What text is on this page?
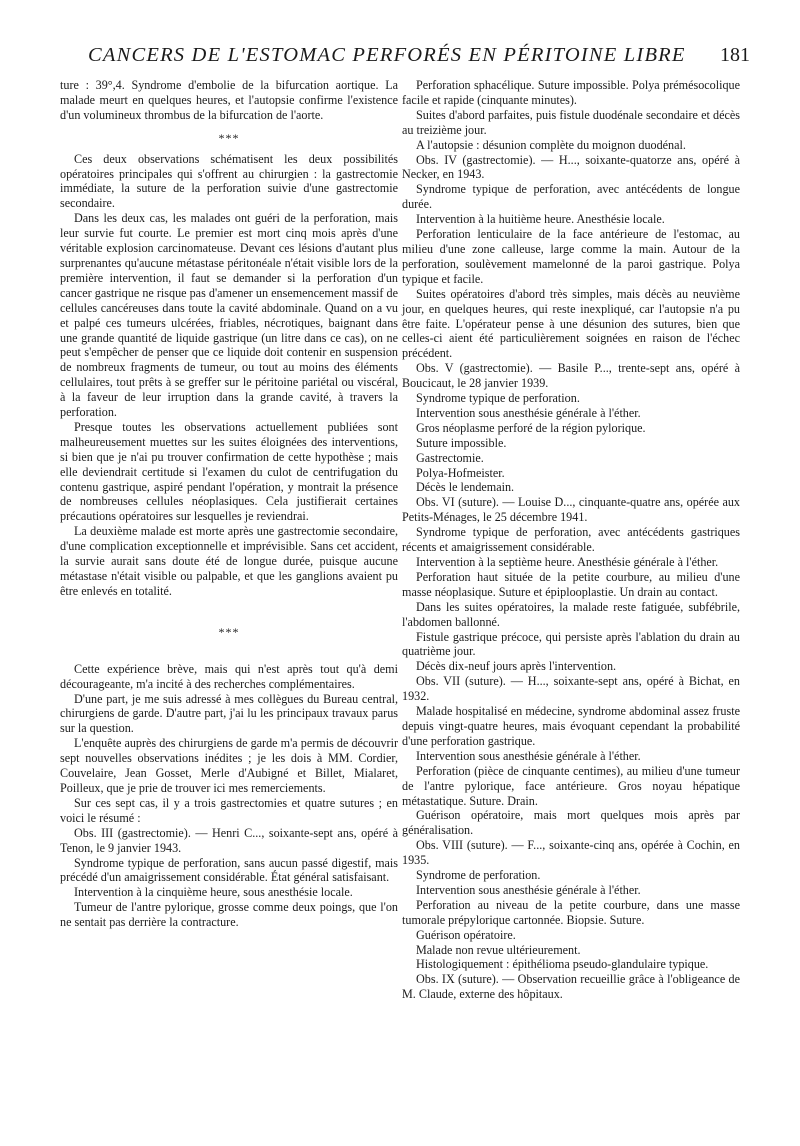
CANCERS DE L'ESTOMAC PERFORÉS EN PÉRITOINE LIBRE 181

ture : 39°,4. Syndrome d'embolie de la bifurcation aortique. La malade meurt en quelques heures, et l'autopsie confirme l'existence d'un volumineux thrombus de la bifurcation de l'aorte.

***

Ces deux observations schématisent les deux possibilités opératoires principales qui s'offrent au chirurgien : la gastrectomie immédiate, la suture de la perforation suivie d'une gastrectomie secondaire.

Dans les deux cas, les malades ont guéri de la perforation, mais leur survie fut courte. Le premier est mort cinq mois après d'une véritable explosion carcinomateuse. Devant ces lésions d'autant plus surprenantes qu'aucune métastase péritonéale n'était visible lors de la première intervention, il faut se demander si la perforation d'un cancer gastrique ne risque pas d'amener un ensemencement massif de cellules cancéreuses dans toute la cavité abdominale. Quand on a vu et palpé ces tumeurs ulcérées, friables, nécrotiques, baignant dans une grande quantité de liquide gastrique (un litre dans ce cas), on ne peut s'empêcher de penser que ce liquide doit contenir en suspension de nombreux fragments de tumeur, ou tout au moins des éléments cellulaires, tout prêts à se greffer sur le péritoine pariétal ou viscéral, à la faveur de leur irruption dans la grande cavité, à travers la perforation.

Presque toutes les observations actuellement publiées sont malheureusement muettes sur les suites éloignées des interventions, si bien que je n'ai pu trouver confirmation de cette hypothèse ; mais elle deviendrait certitude si l'examen du culot de centrifugation du contenu gastrique, aspiré pendant l'opération, y montrait la présence de nombreuses cellules néoplasiques. Cela justifierait certaines précautions opératoires sur lesquelles je reviendrai.

La deuxième malade est morte après une gastrectomie secondaire, d'une complication exceptionnelle et imprévisible. Sans cet accident, la survie aurait sans doute été de longue durée, puisque aucune métastase n'était visible ou palpable, et que les ganglions avaient pu être enlevés en totalité.

***

Cette expérience brève, mais qui n'est après tout qu'à demi décourageante, m'a incité à des recherches complémentaires.

D'une part, je me suis adressé à mes collègues du Bureau central, chirurgiens de garde. D'autre part, j'ai lu les principaux travaux parus sur la question.

L'enquête auprès des chirurgiens de garde m'a permis de découvrir sept nouvelles observations inédites ; je les dois à MM. Cordier, Couvelaire, Jean Gosset, Merle d'Aubigné et Billet, Mialaret, Poilleux, que je prie de trouver ici mes remerciements.

Sur ces sept cas, il y a trois gastrectomies et quatre sutures ; en voici le résumé :

Obs. III (gastrectomie). — Henri C..., soixante-sept ans, opéré à Tenon, le 9 janvier 1943.

Syndrome typique de perforation, sans aucun passé digestif, mais précédé d'un amaigrissement considérable. État général satisfaisant.

Intervention à la cinquième heure, sous anesthésie locale.

Tumeur de l'antre pylorique, grosse comme deux poings, que l'on ne sentait pas derrière la contracture.

Perforation sphacélique. Suture impossible. Polya prémésocolique facile et rapide (cinquante minutes).

Suites d'abord parfaites, puis fistule duodénale secondaire et décès au treizième jour.

A l'autopsie : désunion complète du moignon duodénal.

Obs. IV (gastrectomie). — H..., soixante-quatorze ans, opéré à Necker, en 1943.

Syndrome typique de perforation, avec antécédents de longue durée.

Intervention à la huitième heure. Anesthésie locale.

Perforation lenticulaire de la face antérieure de l'estomac, au milieu d'une zone calleuse, large comme la main. Autour de la perforation, soulèvement mamelonné de la paroi gastrique. Polya typique et facile.

Suites opératoires d'abord très simples, mais décès au neuvième jour, en quelques heures, qui reste inexpliqué, car l'autopsie n'a pu être faite. L'opérateur pense à une désunion des sutures, bien que celles-ci aient été particulièrement soignées en raison de l'échec précédent.

Obs. V (gastrectomie). — Basile P..., trente-sept ans, opéré à Boucicaut, le 28 janvier 1939.

Syndrome typique de perforation.

Intervention sous anesthésie générale à l'éther.

Gros néoplasme perforé de la région pylorique.

Suture impossible.

Gastrectomie.

Polya-Hofmeister.

Décès le lendemain.

Obs. VI (suture). — Louise D..., cinquante-quatre ans, opérée aux Petits-Ménages, le 25 décembre 1941.

Syndrome typique de perforation, avec antécédents gastriques récents et amaigrissement considérable.

Intervention à la septième heure. Anesthésie générale à l'éther.

Perforation haut située de la petite courbure, au milieu d'une masse néoplasique. Suture et épiplooplastie. Un drain au contact.

Dans les suites opératoires, la malade reste fatiguée, subfébrile, l'abdomen ballonné.

Fistule gastrique précoce, qui persiste après l'ablation du drain au quatrième jour.

Décès dix-neuf jours après l'intervention.

Obs. VII (suture). — H..., soixante-sept ans, opéré à Bichat, en 1932.

Malade hospitalisé en médecine, syndrome abdominal assez fruste depuis vingt-quatre heures, mais évoquant cependant la probabilité d'une perforation gastrique.

Intervention sous anesthésie générale à l'éther.

Perforation (pièce de cinquante centimes), au milieu d'une tumeur de l'antre pylorique, face antérieure. Gros noyau hépatique métastatique. Suture. Drain.

Guérison opératoire, mais mort quelques mois après par généralisation.

Obs. VIII (suture). — F..., soixante-cinq ans, opérée à Cochin, en 1935.

Syndrome de perforation.

Intervention sous anesthésie générale à l'éther.

Perforation au niveau de la petite courbure, dans une masse tumorale prépylorique cartonnée. Biopsie. Suture.

Guérison opératoire.

Malade non revue ultérieurement.

Histologiquement : épithélioma pseudo-glandulaire typique.

Obs. IX (suture). — Observation recueillie grâce à l'obligeance de M. Claude, externe des hôpitaux.
